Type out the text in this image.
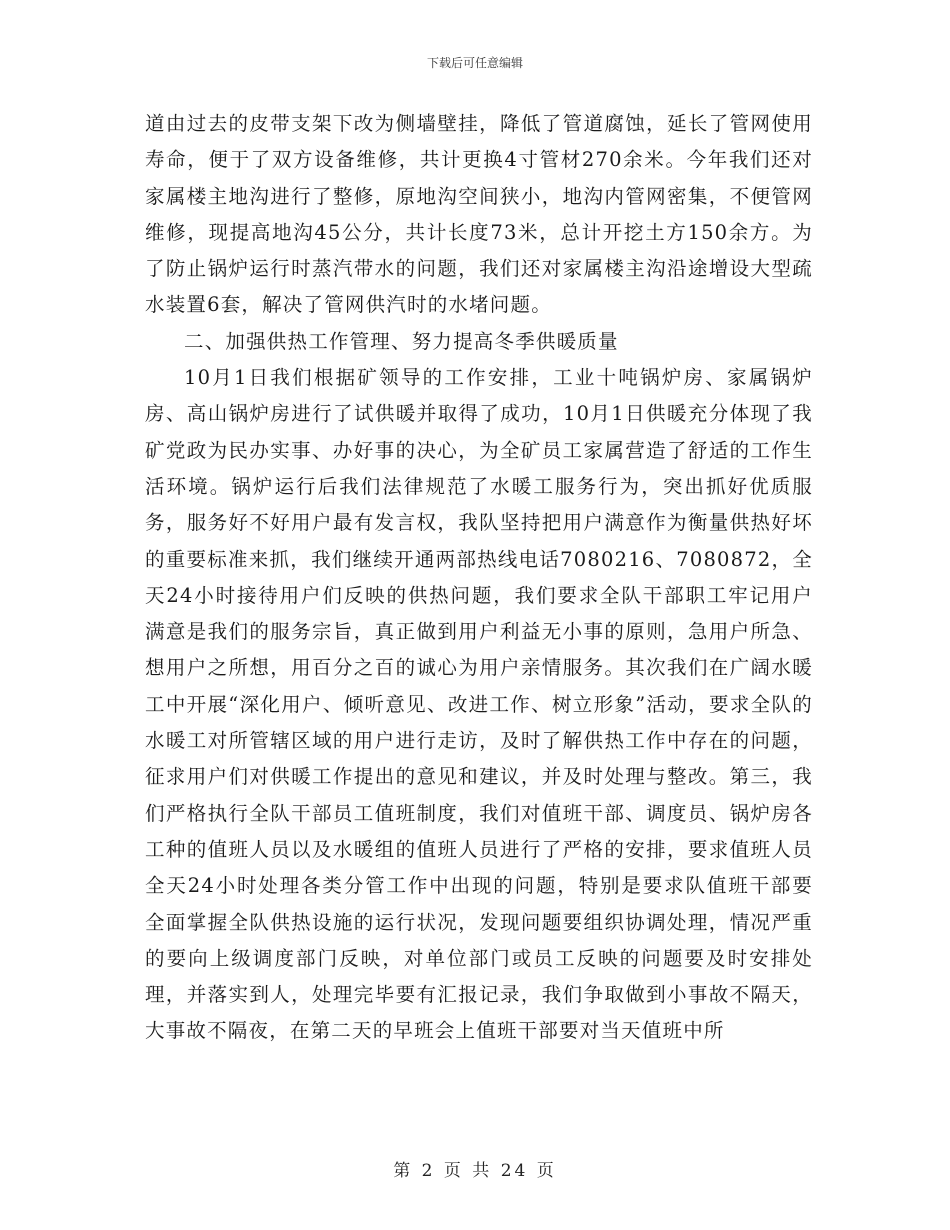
下载后可任意编辑

道由过去的皮带支架下改为侧墙壁挂，降低了管道腐蚀，延长了管网使用寿命，便于了双方设备维修，共计更换4寸管材270余米。今年我们还对家属楼主地沟进行了整修，原地沟空间狭小，地沟内管网密集，不便管网维修，现提高地沟45公分，共计长度73米，总计开挖土方150余方。为了防止锅炉运行时蒸汽带水的问题，我们还对家属楼主沟沿途增设大型疏水装置6套，解决了管网供汽时的水堵问题。

二、加强供热工作管理、努力提高冬季供暖质量

10月1日我们根据矿领导的工作安排，工业十吨锅炉房、家属锅炉房、高山锅炉房进行了试供暖并取得了成功，10月1日供暖充分体现了我矿党政为民办实事、办好事的决心，为全矿员工家属营造了舒适的工作生活环境。锅炉运行后我们法律规范了水暖工服务行为，突出抓好优质服务，服务好不好用户最有发言权，我队坚持把用户满意作为衡量供热好坏的重要标准来抓，我们继续开通两部热线电话7080216、7080872，全天24小时接待用户们反映的供热问题，我们要求全队干部职工牢记用户满意是我们的服务宗旨，真正做到用户利益无小事的原则，急用户所急、想用户之所想，用百分之百的诚心为用户亲情服务。其次我们在广阔水暖工中开展“深化用户、倾听意见、改进工作、树立形象”活动，要求全队的水暖工对所管辖区域的用户进行走访，及时了解供热工作中存在的问题，征求用户们对供暖工作提出的意见和建议，并及时处理与整改。第三，我们严格执行全队干部员工值班制度，我们对值班干部、调度员、锅炉房各工种的值班人员以及水暖组的值班人员进行了严格的安排，要求值班人员全天24小时处理各类分管工作中出现的问题，特别是要求队值班干部要全面掌握全队供热设施的运行状况，发现问题要组织协调处理，情况严重的要向上级调度部门反映，对单位部门或员工反映的问题要及时安排处理，并落实到人，处理完毕要有汇报记录，我们争取做到小事故不隔天，大事故不隔夜，在第二天的早班会上值班干部要对当天值班中所

第 2 页 共 24 页
